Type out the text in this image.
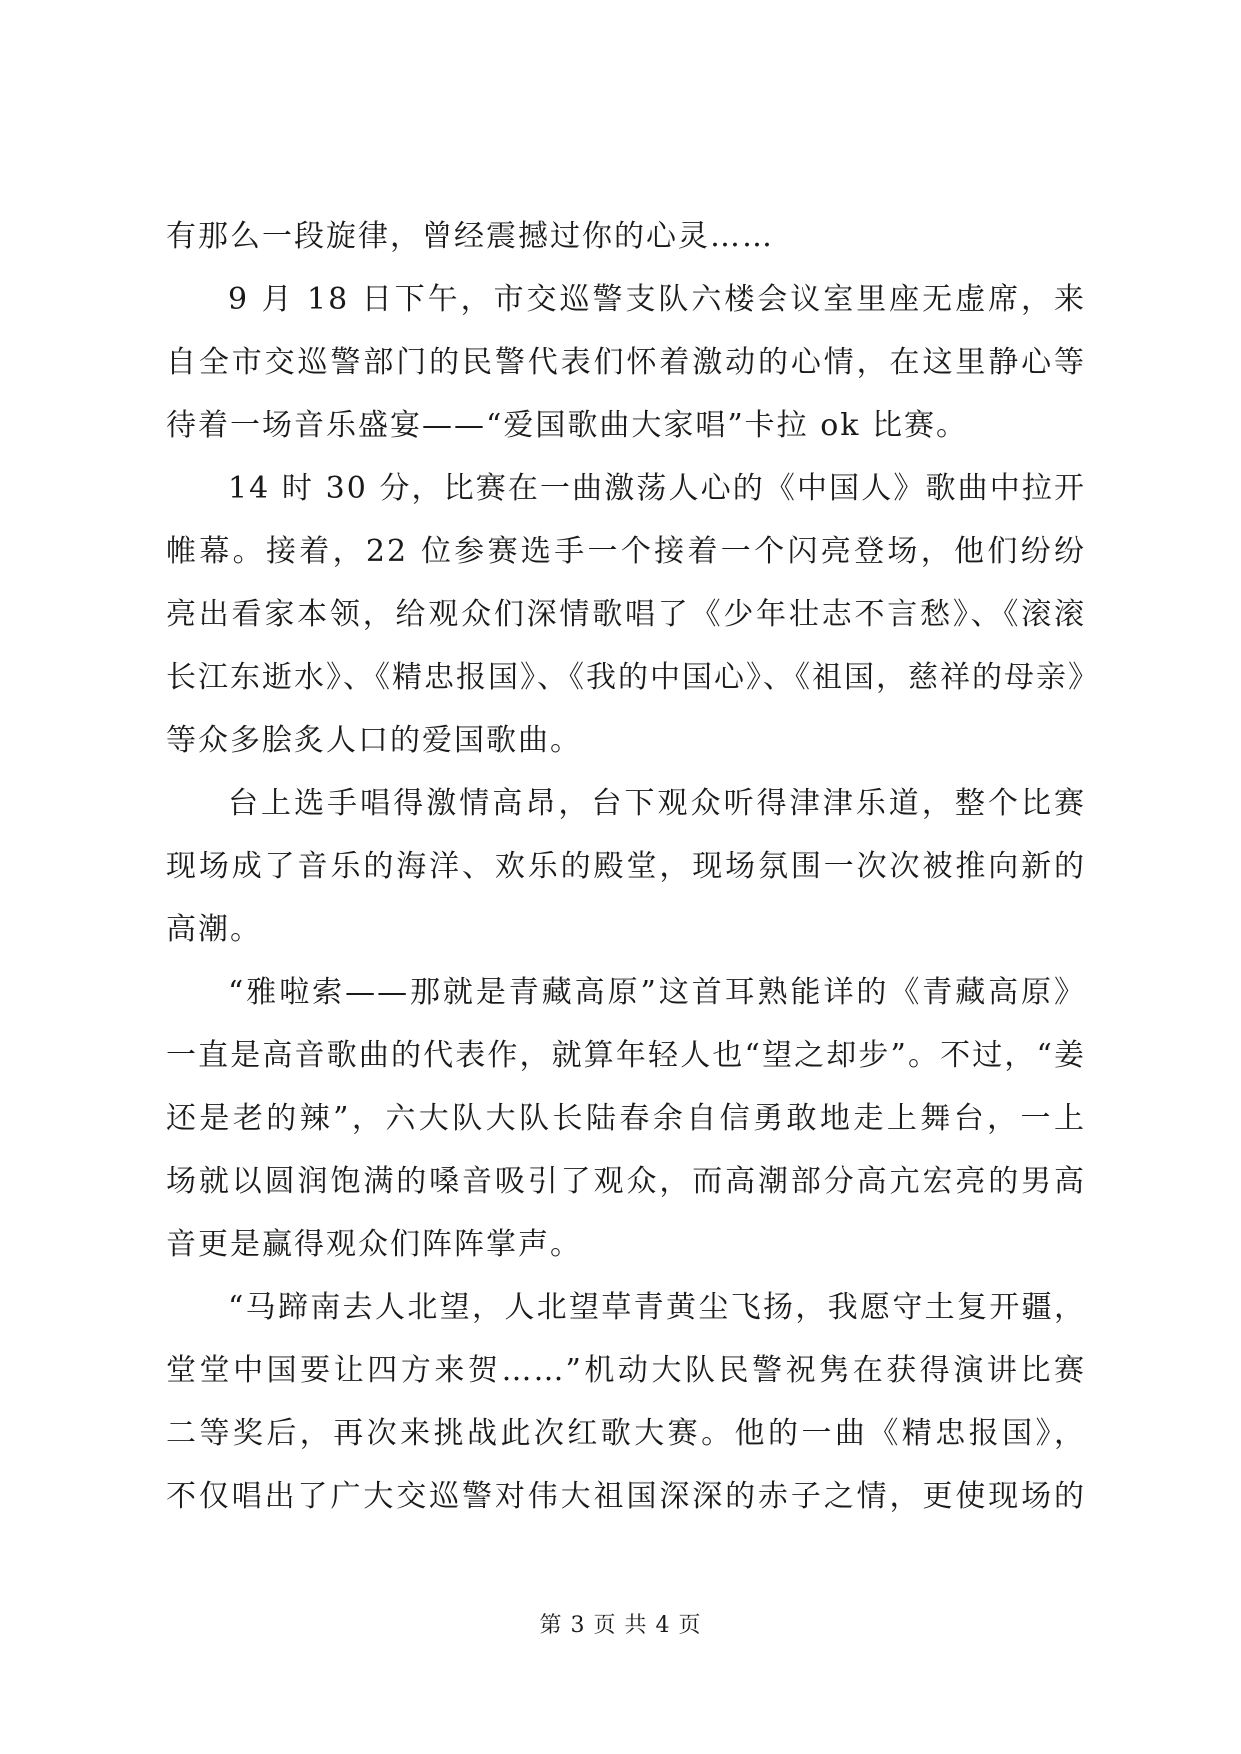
有那么一段旋律，曾经震撼过你的心灵……
9 月 18 日下午，市交巡警支队六楼会议室里座无虚席，来
自全市交巡警部门的民警代表们怀着激动的心情，在这里静心等
待着一场音乐盛宴——“爱国歌曲大家唱”卡拉 ok 比赛。
14 时 30 分，比赛在一曲激荡人心的《中国人》歌曲中拉开
帷幕。接着，22 位参赛选手一个接着一个闪亮登场，他们纷纷
亮出看家本领，给观众们深情歌唱了《少年壮志不言愁》、《滚滚
长江东逝水》、《精忠报国》、《我的中国心》、《祖国，慈祥的母亲》
等众多脍炙人口的爱国歌曲。
台上选手唱得激情高昂，台下观众听得津津乐道，整个比赛
现场成了音乐的海洋、欢乐的殿堂，现场氛围一次次被推向新的
高潮。
“雅啦索——那就是青藏高原”这首耳熟能详的《青藏高原》
一直是高音歌曲的代表作，就算年轻人也“望之却步”。不过，“姜
还是老的辣”，六大队大队长陆春余自信勇敢地走上舞台，一上
场就以圆润饱满的嗓音吸引了观众，而高潮部分高亢宏亮的男高
音更是赢得观众们阵阵掌声。
“马蹄南去人北望，人北望草青黄尘飞扬，我愿守土复开疆，
堂堂中国要让四方来贺……”机动大队民警祝隽在获得演讲比赛
二等奖后，再次来挑战此次红歌大赛。他的一曲《精忠报国》，
不仅唱出了广大交巡警对伟大祖国深深的赤子之情，更使现场的
第 3 页 共 4 页
